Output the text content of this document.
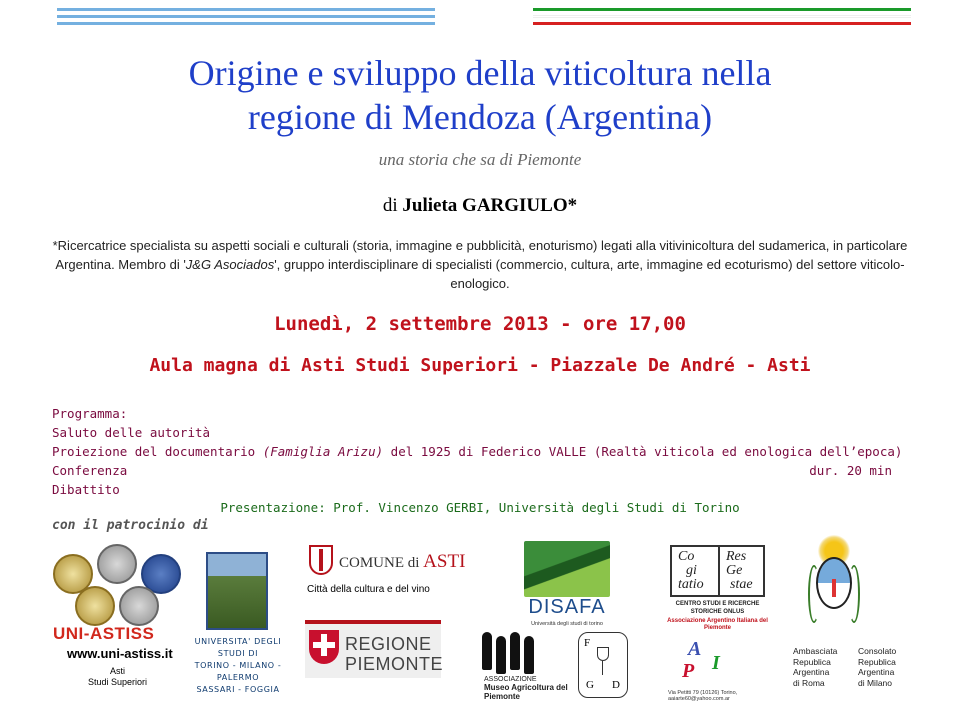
Origine e sviluppo della viticoltura nella
regione di Mendoza (Argentina)
una storia che sa di Piemonte
di Julieta GARGIULO*
*Ricercatrice specialista su aspetti sociali e culturali (storia, immagine e pubblicità, enoturismo) legati alla vitivinicoltura del sudamerica, in particolare Argentina. Membro di 'J&G Asociados', gruppo interdisciplinare di specialisti (commercio, cultura, arte, immagine ed ecoturismo) del settore viticolo-enologico.
Lunedì, 2 settembre 2013 - ore 17,00
Aula magna di Asti Studi Superiori - Piazzale De André - Asti
Programma:
Saluto delle autorità
Proiezione del documentario (Famiglia Arizu) del 1925 di Federico VALLE (Realtà viticola ed enologica dell’epoca)
Conferenza	dur. 20 min
Dibattito
Presentazione: Prof. Vincenzo GERBI, Università degli Studi di Torino
con il patrocinio di
UNI-ASTISS
www.uni-astiss.it
Asti
Studi Superiori
UNIVERSITA' DEGLI
STUDI DI
TORINO - MILANO -
PALERMO
SASSARI - FOGGIA
COMUNE di ASTI
Città della cultura e del vino
REGIONE
PIEMONTE
DISAFA
Università degli studi di torino
ASSOCIAZIONE
Museo Agricoltura del Piemonte
F
G D
Co
gi
tatio
Res
Ge
stae
CENTRO STUDI E RICERCHE STORICHE ONLUS
Associazione Argentino Italiana del Piemonte
A
P I
Via Petitti 79 (10126) Torino, aaiarte60@yahoo.com.ar
Ambasciata
Republica
Argentina
di Roma
Consolato
Republica
Argentina
di Milano
